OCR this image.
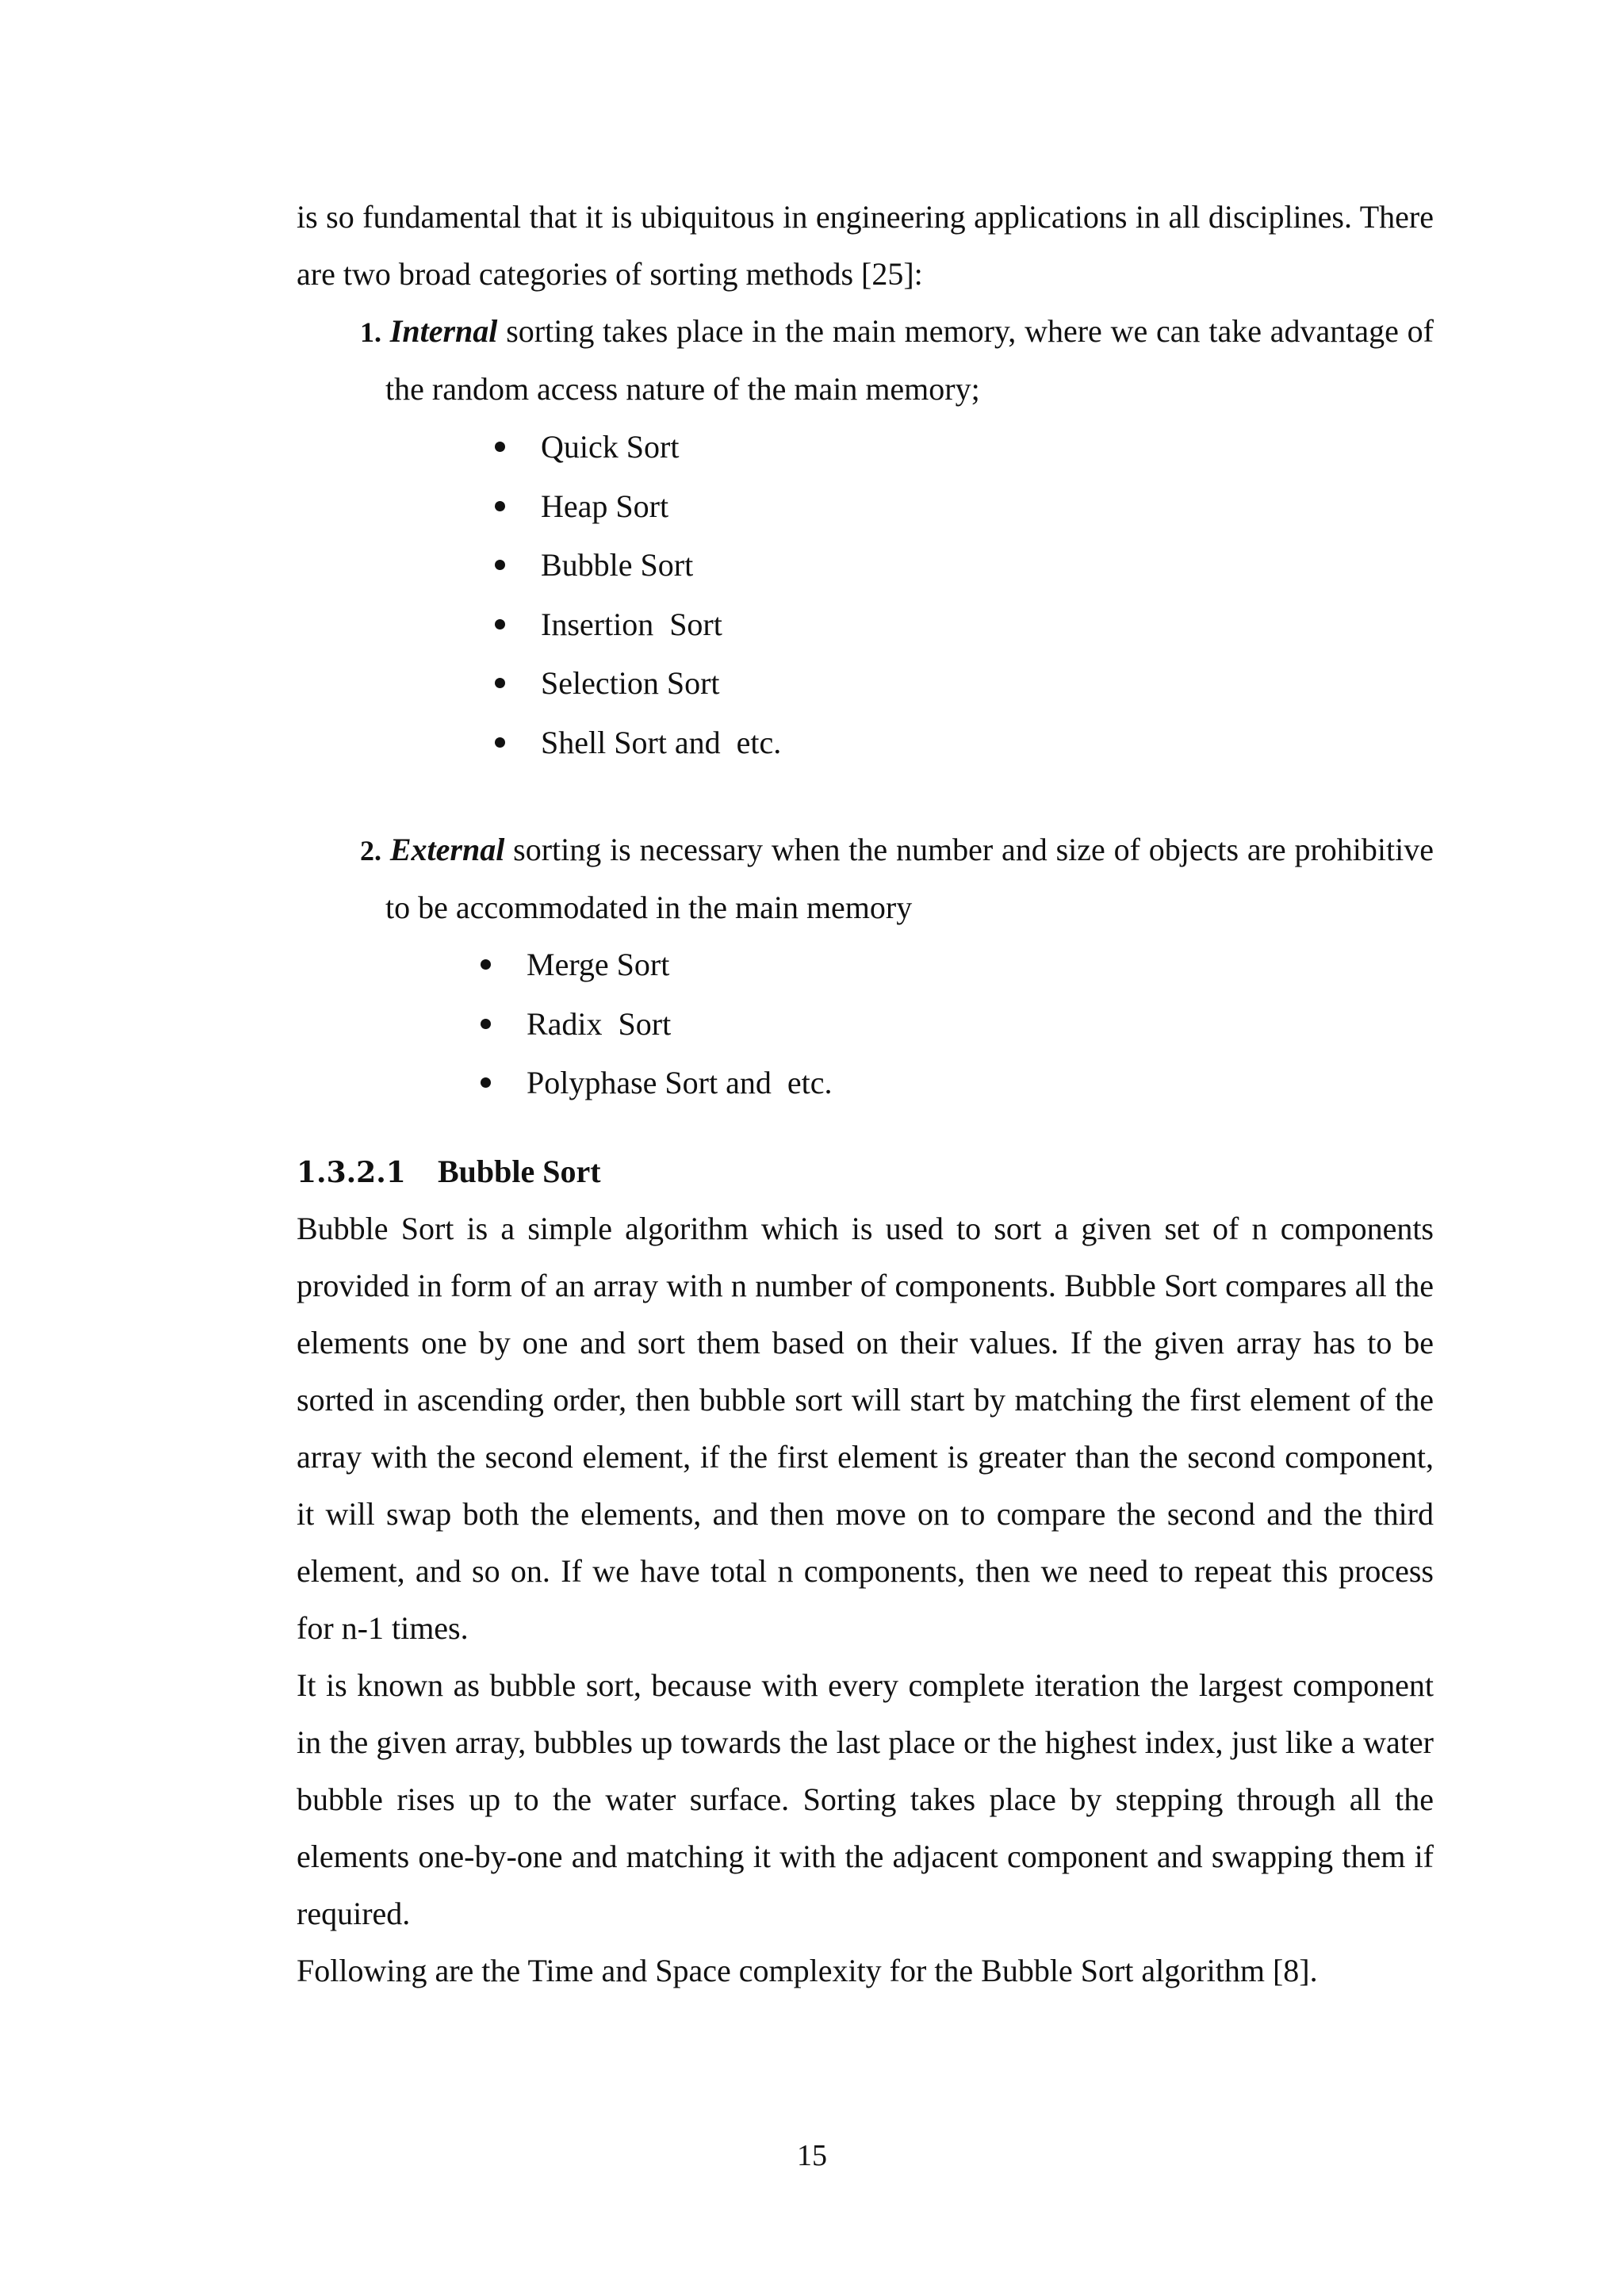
is so fundamental that it is ubiquitous in engineering applications in all disciplines. There are two broad categories of sorting methods [25]:
1. Internal sorting takes place in the main memory, where we can take advantage of the random access nature of the main memory;
Quick Sort
Heap Sort
Bubble Sort
Insertion  Sort
Selection Sort
Shell Sort and  etc.
2. External sorting is necessary when the number and size of objects are prohibitive to be accommodated in the main memory
Merge Sort
Radix  Sort
Polyphase Sort and  etc.
1.3.2.1 Bubble Sort
Bubble Sort is a simple algorithm which is used to sort a given set of n components provided in form of an array with n number of components. Bubble Sort compares all the elements one by one and sort them based on their values. If the given array has to be sorted in ascending order, then bubble sort will start by matching the first element of the array with the second element, if the first element is greater than the second component, it will swap both the elements, and then move on to compare the second and the third element, and so on. If we have total n components, then we need to repeat this process for n-1 times.
It is known as bubble sort, because with every complete iteration the largest component in the given array, bubbles up towards the last place or the highest index, just like a water bubble rises up to the water surface. Sorting takes place by stepping through all the elements one-by-one and matching it with the adjacent component and swapping them if required.
Following are the Time and Space complexity for the Bubble Sort algorithm [8].
15
